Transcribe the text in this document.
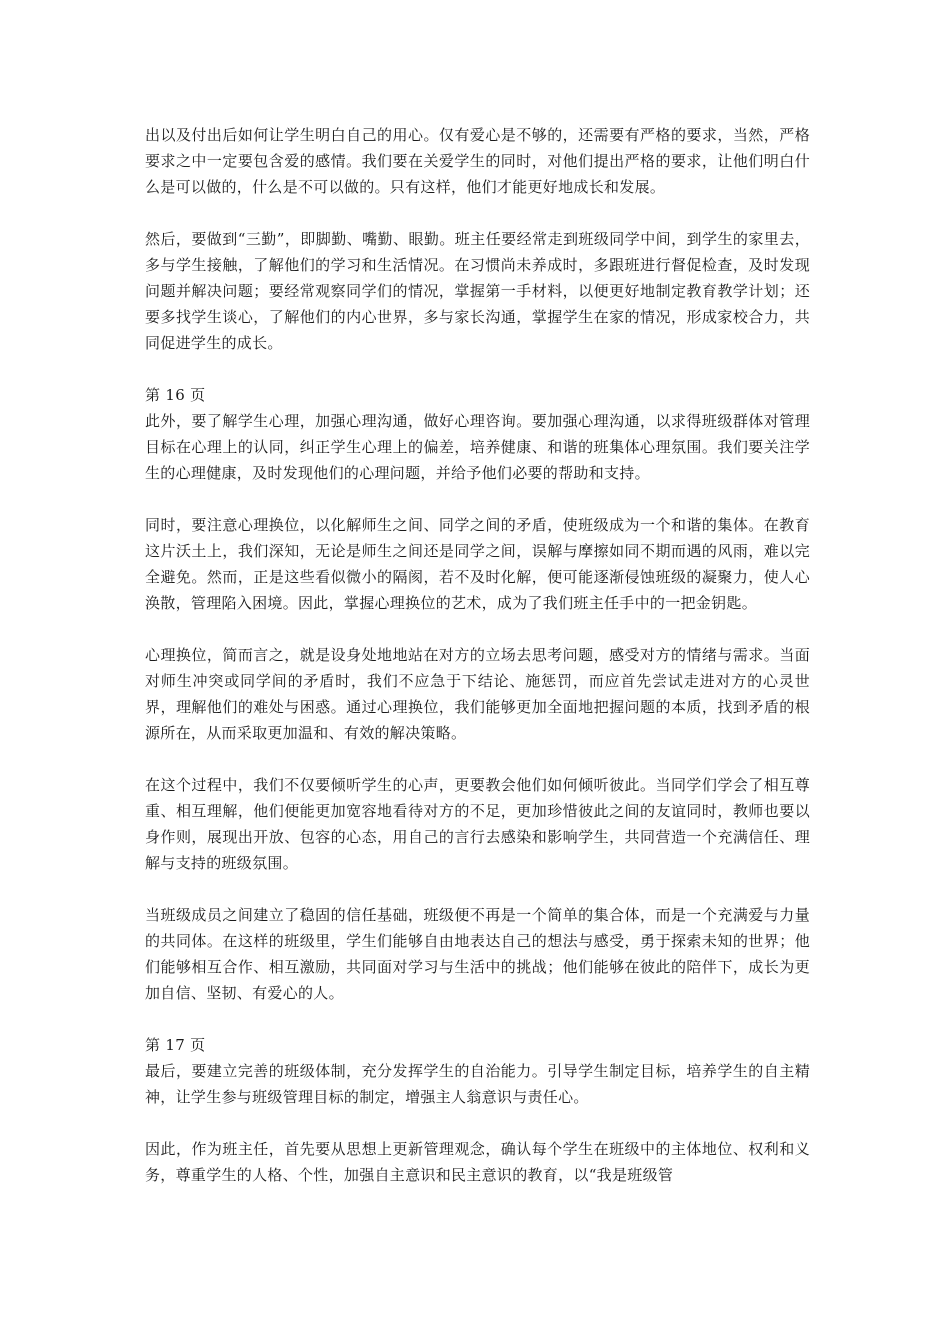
出以及付出后如何让学生明白自己的用心。仅有爱心是不够的，还需要有严格的要求，当然，严格要求之中一定要包含爱的感情。我们要在关爱学生的同时，对他们提出严格的要求，让他们明白什么是可以做的，什么是不可以做的。只有这样，他们才能更好地成长和发展。

然后，要做到“三勤”，即脚勤、嘴勤、眼勤。班主任要经常走到班级同学中间，到学生的家里去，多与学生接触，了解他们的学习和生活情况。在习惯尚未养成时，多跟班进行督促检查，及时发现问题并解决问题；要经常观察同学们的情况，掌握第一手材料，以便更好地制定教育教学计划；还要多找学生谈心，了解他们的内心世界，多与家长沟通，掌握学生在家的情况，形成家校合力，共同促进学生的成长。

第 16 页

此外，要了解学生心理，加强心理沟通，做好心理咨询。要加强心理沟通，以求得班级群体对管理目标在心理上的认同，纠正学生心理上的偏差，培养健康、和谐的班集体心理氛围。我们要关注学生的心理健康，及时发现他们的心理问题，并给予他们必要的帮助和支持。

同时，要注意心理换位，以化解师生之间、同学之间的矛盾，使班级成为一个和谐的集体。在教育这片沃土上，我们深知，无论是师生之间还是同学之间，误解与摩擦如同不期而遇的风雨，难以完全避免。然而，正是这些看似微小的隔阂，若不及时化解，便可能逐渐侵蚀班级的凝聚力，使人心涣散，管理陷入困境。因此，掌握心理换位的艺术，成为了我们班主任手中的一把金钥匙。

心理换位，简而言之，就是设身处地地站在对方的立场去思考问题，感受对方的情绪与需求。当面对师生冲突或同学间的矛盾时，我们不应急于下结论、施惩罚，而应首先尝试走进对方的心灵世界，理解他们的难处与困惑。通过心理换位，我们能够更加全面地把握问题的本质，找到矛盾的根源所在，从而采取更加温和、有效的解决策略。

在这个过程中，我们不仅要倾听学生的心声，更要教会他们如何倾听彼此。当同学们学会了相互尊重、相互理解，他们便能更加宽容地看待对方的不足，更加珍惜彼此之间的友谊同时，教师也要以身作则，展现出开放、包容的心态，用自己的言行去感染和影响学生，共同营造一个充满信任、理解与支持的班级氛围。

当班级成员之间建立了稳固的信任基础，班级便不再是一个简单的集合体，而是一个充满爱与力量的共同体。在这样的班级里，学生们能够自由地表达自己的想法与感受，勇于探索未知的世界；他们能够相互合作、相互激励，共同面对学习与生活中的挑战；他们能够在彼此的陪伴下，成长为更加自信、坚韧、有爱心的人。

第 17 页

最后，要建立完善的班级体制，充分发挥学生的自治能力。引导学生制定目标，培养学生的自主精神，让学生参与班级管理目标的制定，增强主人翁意识与责任心。

因此，作为班主任，首先要从思想上更新管理观念，确认每个学生在班级中的主体地位、权利和义务，尊重学生的人格、个性，加强自主意识和民主意识的教育，以“我是班级管
